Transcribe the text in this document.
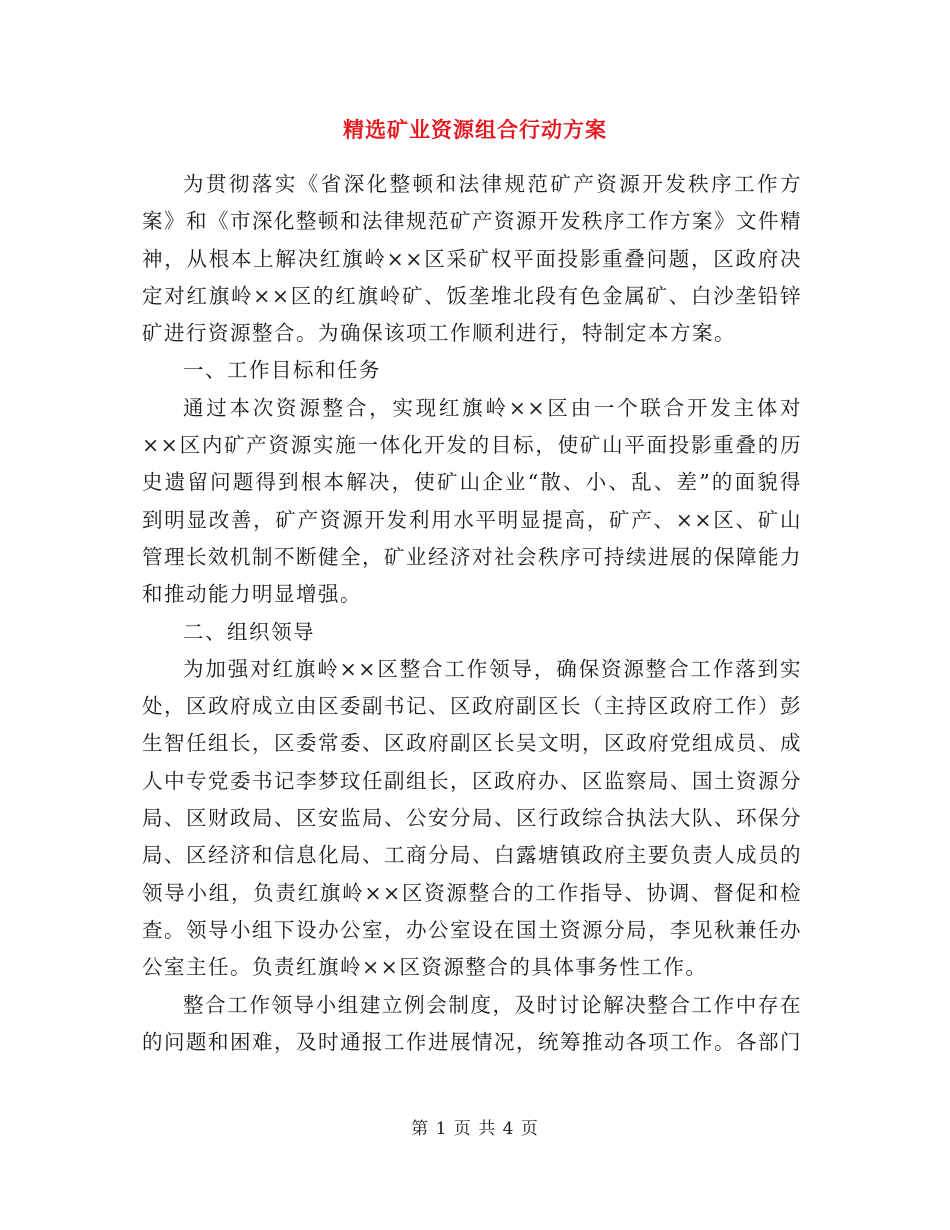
精选矿业资源组合行动方案

为贯彻落实《省深化整顿和法律规范矿产资源开发秩序工作方案》和《市深化整顿和法律规范矿产资源开发秩序工作方案》文件精神，从根本上解决红旗岭××区采矿权平面投影重叠问题，区政府决定对红旗岭××区的红旗岭矿、饭垄堆北段有色金属矿、白沙垄铅锌矿进行资源整合。为确保该项工作顺利进行，特制定本方案。

一、工作目标和任务

通过本次资源整合，实现红旗岭××区由一个联合开发主体对××区内矿产资源实施一体化开发的目标，使矿山平面投影重叠的历史遗留问题得到根本解决，使矿山企业“散、小、乱、差”的面貌得到明显改善，矿产资源开发利用水平明显提高，矿产、××区、矿山管理长效机制不断健全，矿业经济对社会秩序可持续进展的保障能力和推动能力明显增强。

二、组织领导

为加强对红旗岭××区整合工作领导，确保资源整合工作落到实处，区政府成立由区委副书记、区政府副区长（主持区政府工作）彭生智任组长，区委常委、区政府副区长吴文明，区政府党组成员、成人中专党委书记李梦玟任副组长，区政府办、区监察局、国土资源分局、区财政局、区安监局、公安分局、区行政综合执法大队、环保分局、区经济和信息化局、工商分局、白露塘镇政府主要负责人成员的领导小组，负责红旗岭××区资源整合的工作指导、协调、督促和检查。领导小组下设办公室，办公室设在国土资源分局，李见秋兼任办公室主任。负责红旗岭××区资源整合的具体事务性工作。

整合工作领导小组建立例会制度，及时讨论解决整合工作中存在的问题和困难，及时通报工作进展情况，统筹推动各项工作。各部门

第 1 页 共 4 页
